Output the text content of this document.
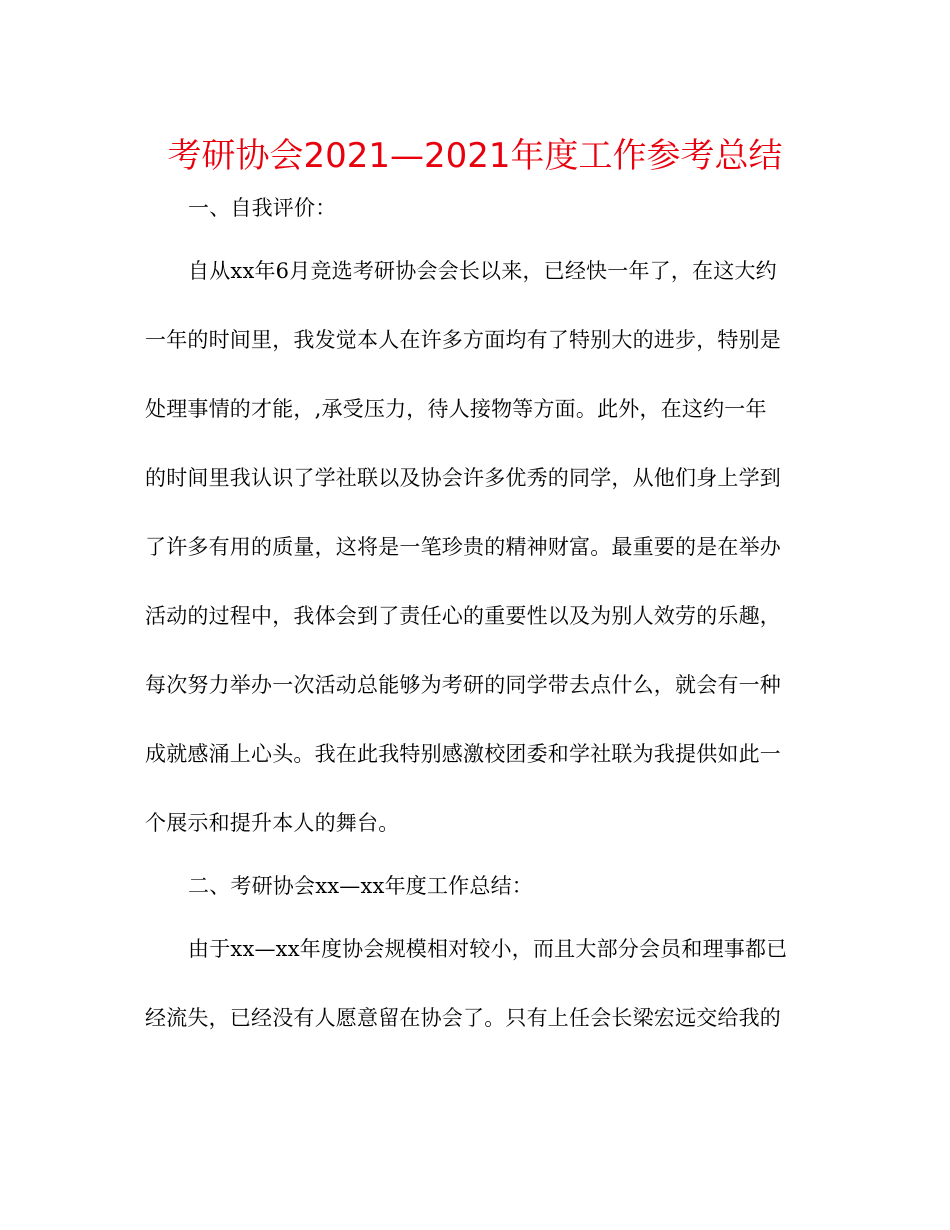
考研协会2021—2021年度工作参考总结
一、自我评价：
自从xx年6月竞选考研协会会长以来，已经快一年了，在这大约
一年的时间里，我发觉本人在许多方面均有了特别大的进步，特别是
处理事情的才能，,承受压力，待人接物等方面。此外，在这约一年
的时间里我认识了学社联以及协会许多优秀的同学，从他们身上学到
了许多有用的质量，这将是一笔珍贵的精神财富。最重要的是在举办
活动的过程中，我体会到了责任心的重要性以及为别人效劳的乐趣，
每次努力举办一次活动总能够为考研的同学带去点什么，就会有一种
成就感涌上心头。我在此我特别感激校团委和学社联为我提供如此一
个展示和提升本人的舞台。
二、考研协会xx—xx年度工作总结：
由于xx—xx年度协会规模相对较小，而且大部分会员和理事都已
经流失，已经没有人愿意留在协会了。只有上任会长梁宏远交给我的
